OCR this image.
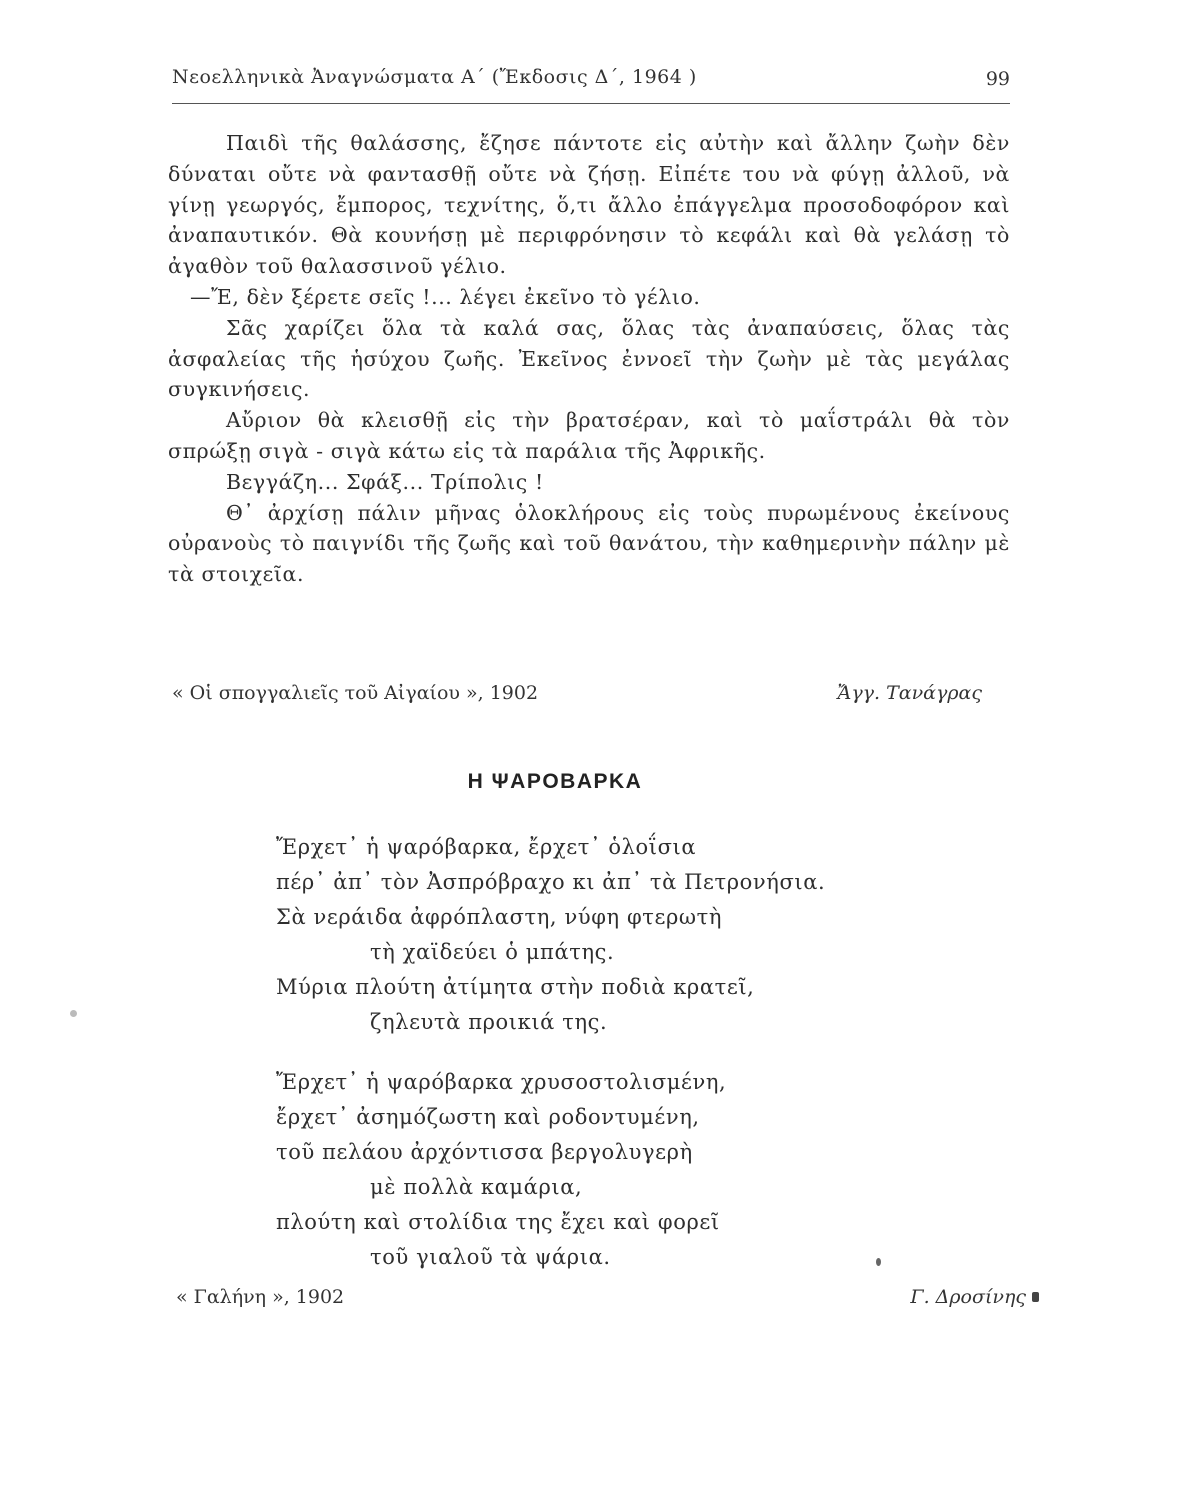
Νεοελληνικὰ Ἀναγνώσματα Α΄ (Ἔκδοσις Δ΄, 1964 )	99

Παιδὶ τῆς θαλάσσης, ἔζησε πάντοτε εἰς αὐτὴν καὶ ἄλλην ζωὴν δὲν δύναται οὔτε νὰ φαντασθῇ οὔτε νὰ ζήσῃ. Εἰπέτε του νὰ φύγῃ ἀλλοῦ, νὰ γίνῃ γεωργός, ἔμπορος, τεχνίτης, ὅ,τι ἄλλο ἐπάγγελμα προσοδοφόρον καὶ ἀναπαυτικόν. Θὰ κουνήσῃ μὲ περιφρόνησιν τὸ κεφάλι καὶ θὰ γελάσῃ τὸ ἀγαθὸν τοῦ θαλασσινοῦ γέλιο.

—Ἔ, δὲν ξέρετε σεῖς !... λέγει ἐκεῖνο τὸ γέλιο.

Σᾶς χαρίζει ὅλα τὰ καλά σας, ὅλας τὰς ἀναπαύσεις, ὅλας τὰς ἀσφαλείας τῆς ἡσύχου ζωῆς. Ἐκεῖνος ἐννοεῖ τὴν ζωὴν μὲ τὰς μεγάλας συγκινήσεις.

Αὔριον θὰ κλεισθῇ εἰς τὴν βρατσέραν, καὶ τὸ μαΐστράλι θὰ τὸν σπρώξῃ σιγὰ - σιγὰ κάτω εἰς τὰ παράλια τῆς Ἀφρικῆς.

Βεγγάζη... Σφάξ... Τρίπολις !

Θ᾿ ἀρχίσῃ πάλιν μῆνας ὁλοκλήρους εἰς τοὺς πυρωμένους ἐκείνους οὐρανοὺς τὸ παιγνίδι τῆς ζωῆς καὶ τοῦ θανάτου, τὴν καθημερινὴν πάλην μὲ τὰ στοιχεῖα.

« Οἱ σπογγαλιεῖς τοῦ Αἰγαίου », 1902	Ἄγγ. Τανάγρας
Η ΨΑΡΟΒΑΡΚΑ
Ἔρχετ᾿ ἡ ψαρόβαρκα, ἔρχετ᾿ ὁλοΐσια
πέρ᾿ ἀπ᾿ τὸν Ἀσπρόβραχο κι ἀπ᾿ τὰ Πετρονήσια.
Σὰ νεράιδα ἀφρόπλαστη, νύφη φτερωτὴ
τὴ χαϊδεύει ὁ μπάτης.
Μύρια πλούτη ἀτίμητα στὴν ποδιὰ κρατεῖ,
ζηλευτὰ προικιά της.
Ἔρχετ᾿ ἡ ψαρόβαρκα χρυσοστολισμένη,
ἔρχετ᾿ ἀσημόζωστη καὶ ροδοντυμένη,
τοῦ πελάου ἀρχόντισσα βεργολυγερὴ
μὲ πολλὰ καμάρια,
πλούτη καὶ στολίδια της ἔχει καὶ φορεῖ
τοῦ γιαλοῦ τὰ ψάρια.
« Γαλήνη », 1902	Γ. Δροσίνης
